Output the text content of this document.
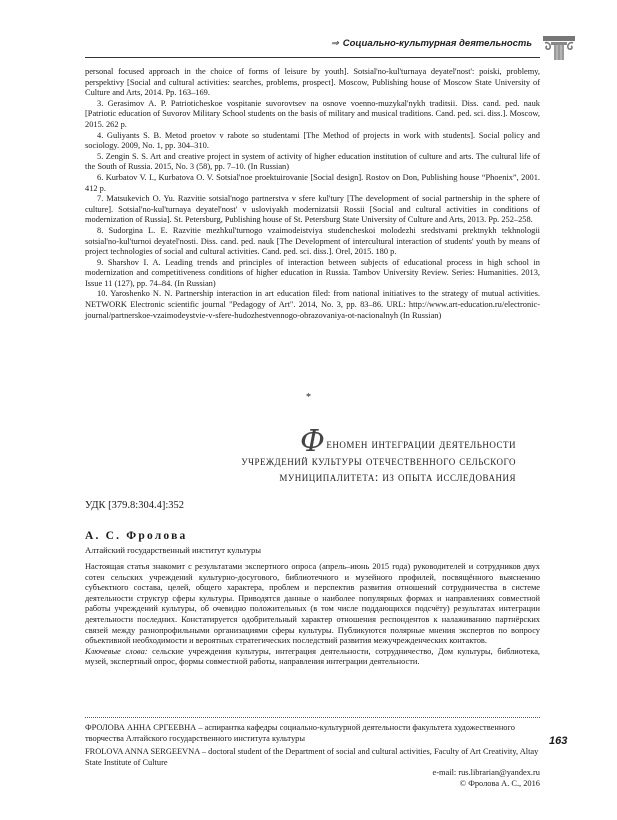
⇒ Социально-культурная деятельность

personal focused approach in the choice of forms of leisure by youth]. Sotsial'no-kul'turnaya deyatel'nost': poiski, problemy, perspektivy [Social and cultural activities: searches, problems, prospect]. Moscow, Publishing house of Moscow State University of Culture and Arts, 2014. Pp. 163–169.

3. Gerasimov A. P. Patrioticheskoe vospitanie suvorovtsev na osnove voenno-muzykal'nykh traditsii. Diss. cand. ped. nauk [Patriotic education of Suvorov Military School students on the basis of military and musical traditions. Cand. ped. sci. diss.]. Moscow, 2015. 262 p.

4. Guliyants S. B. Metod proetov v rabote so studentami [The Method of projects in work with students]. Social policy and sociology. 2009, No. 1, pp. 304–310.

5. Zengin S. S. Art and creative project in system of activity of higher education institution of culture and arts. The cultural life of the South of Russia. 2015, No. 3 (58), pp. 7–10. (In Russian)

6. Kurbatov V. I., Kurbatova O. V. Sotsial'noe proektuirovanie [Social design]. Rostov on Don, Publishing house “Phoenix”, 2001. 412 p.

7. Matsukevich O. Yu. Razvitie sotsial'nogo partnerstva v sfere kul'tury [The development of social partnership in the sphere of culture]. Sotsial'no-kul'turnaya deyatel'nost' v usloviyakh modernizatsii Rossii [Social and cultural activities in conditions of modernization of Russia]. St. Petersburg, Publishing house of St. Petersburg State University of Culture and Arts, 2013. Pp. 252–258.

8. Sudorgina L. E. Razvitie mezhkul'turnogo vzaimodeistviya studencheskoi molodezhi sredstvami prektnykh tekhnologii sotsial'no-kul'turnoi deyatel'nosti. Diss. cand. ped. nauk [The Development of intercultural interaction of students' youth by means of project technologies of social and cultural activities. Cand. ped. sci. diss.]. Orel, 2015. 180 p.

9. Sharshov I. A. Leading trends and principles of interaction between subjects of educational process in high school in modernization and competitiveness conditions of higher education in Russia. Tambov University Review. Series: Humanities. 2013, Issue 11 (127), pp. 74–84. (In Russian)

10. Yaroshenko N. N. Partnership interaction in art education filed: from national initiatives to the strategy of mutual activities. NETWORK Electronic scientific journal "Pedagogy of Art". 2014, No. 3, pp. 83–86. URL: http://www.art-education.ru/electronic-journal/partnerskoe-vzaimodeystvie-v-sfere-hudozhestvennogo-obrazovaniya-ot-nacionalnyh (In Russian)

*
Феномен интеграции деятельности
учреждений культуры отечественного сельского
муниципалитета: из опыта исследования
УДК [379.8:304.4]:352
А. С. Фролова
Алтайский государственный институт культуры

Настоящая статья знакомит с результатами экспертного опроса (апрель–июнь 2015 года) руководителей и сотрудников двух сотен сельских учреждений культурно-досугового, библиотечного и музейного профилей, посвящённого выяснению субъектного состава, целей, общего характера, проблем и перспектив развития отношений сотрудничества в системе деятельности структур сферы культуры. Приводятся данные о наиболее популярных формах и направлениях совместной работы учреждений культуры, об очевидно положительных (в том числе поддающихся подсчёту) результатах интеграции деятельности последних. Констатируется одобрительный характер отношения респондентов к налаживанию партнёрских связей между разнопрофильными организациями сферы культуры. Публикуются полярные мнения экспертов по вопросу объективной необходимости и вероятных стратегических последствий развития межучрежденческих контактов.

Ключевые слова: сельские учреждения культуры, интеграция деятельности, сотрудничество, Дом культуры, библиотека, музей, экспертный опрос, формы совместной работы, направления интеграции деятельности.

ФРОЛОВА АННА СРГЕЕВНА – аспирантка кафедры социально-культурной деятельности факультета художественного творчества Алтайского государственного института культуры

FROLOVA ANNA SERGEEVNA – doctoral student of the Department of social and cultural activities, Faculty of Art Creativity, Altay State Institute of Culture

e-mail: rus.librarian@yandex.ru

© Фролова А. С., 2016

163
